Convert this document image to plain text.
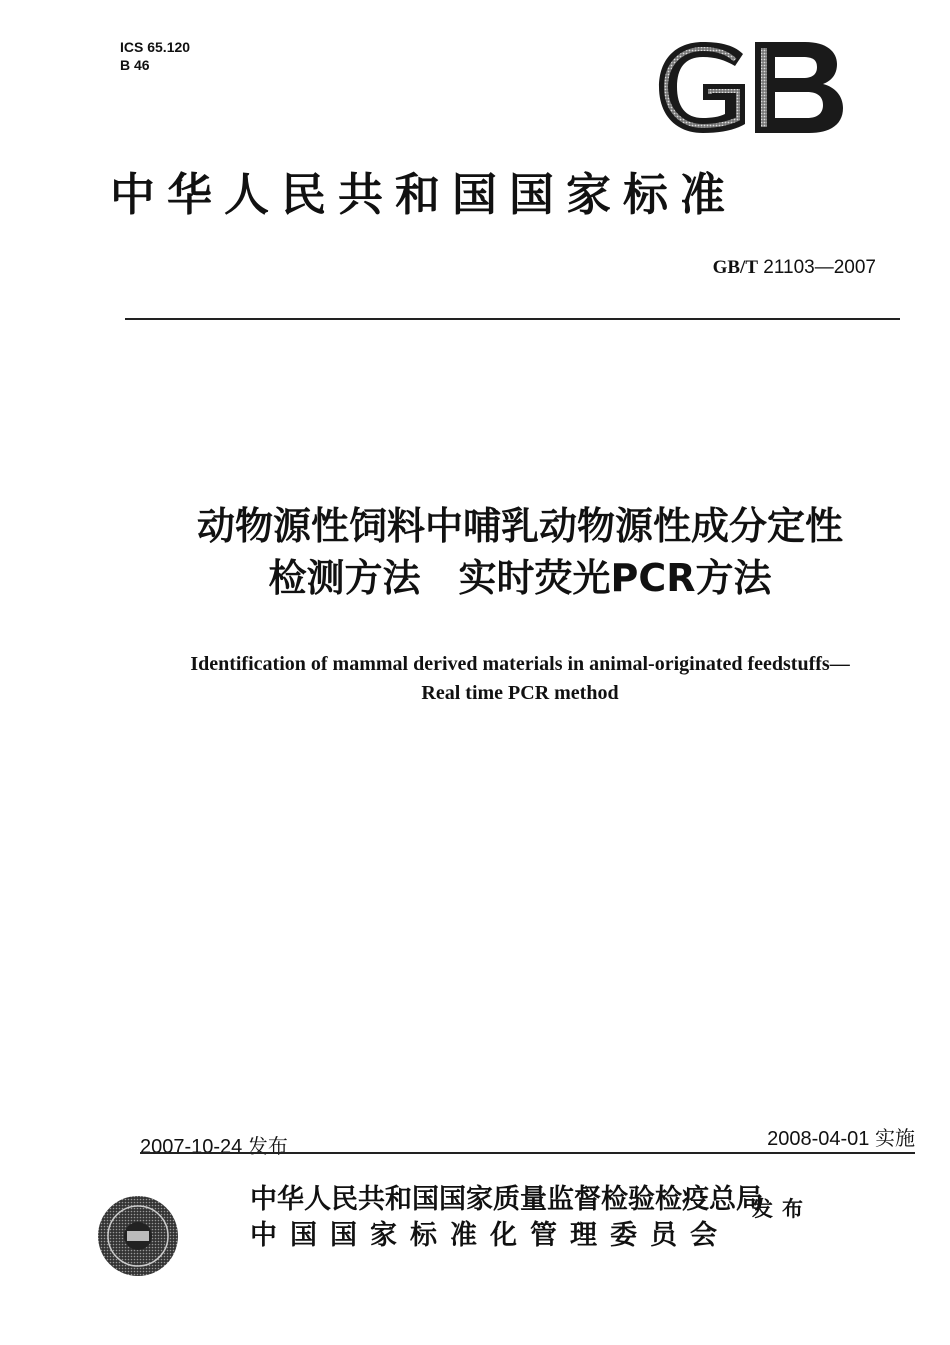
ICS 65.120
B 46
中华人民共和国国家标准
GB/T 21103—2007
动物源性饲料中哺乳动物源性成分定性
检测方法　实时荧光PCR方法
Identification of mammal derived materials in animal-originated feedstuffs—
Real time PCR method
2007-10-24 发布	2008-04-01 实施
中华人民共和国国家质量监督检验检疫总局
中国国家标准化管理委员会
发布
